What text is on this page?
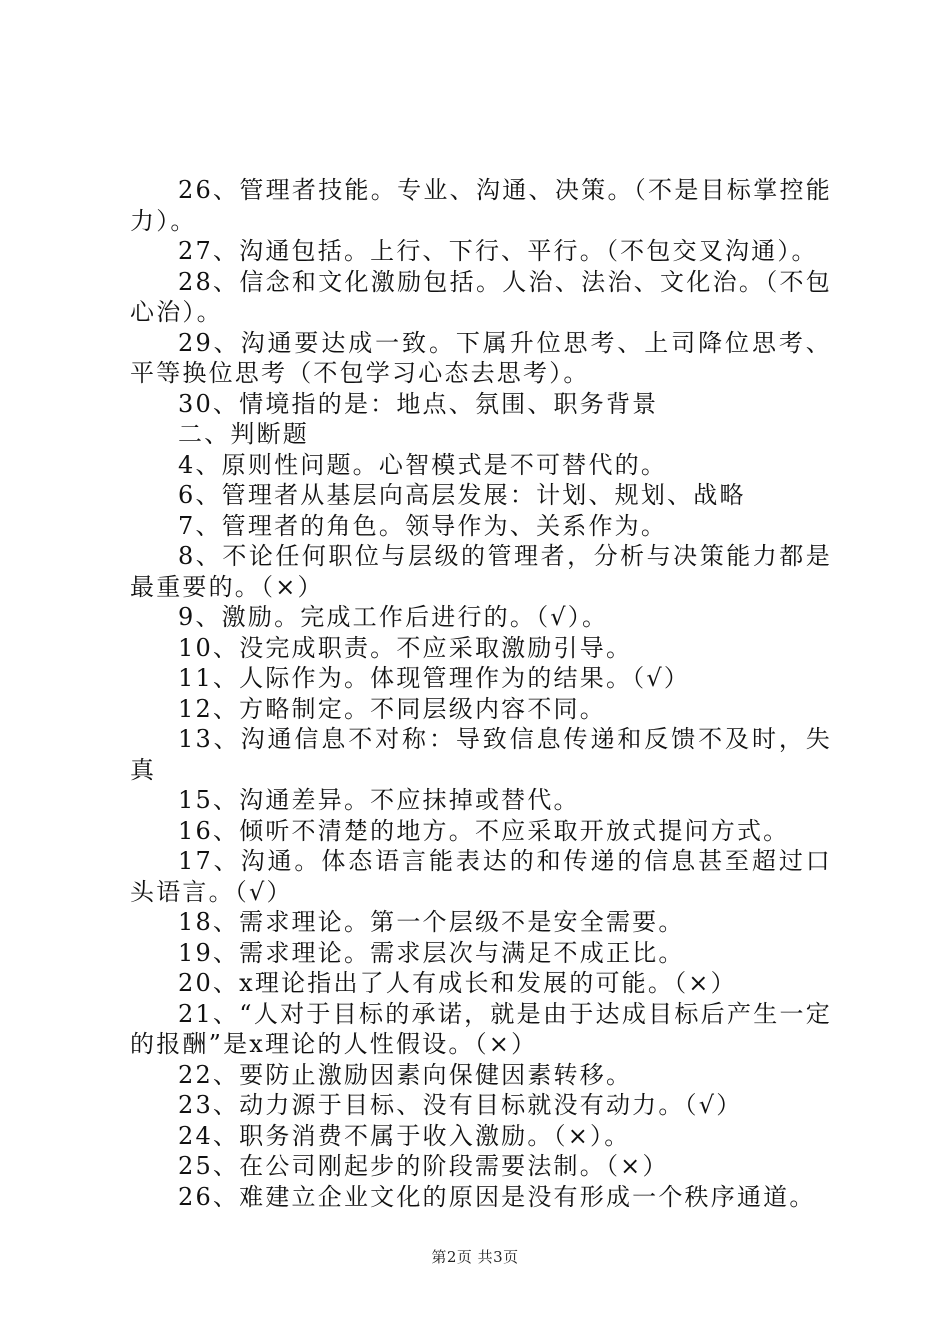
26、管理者技能。专业、沟通、决策。（不是目标掌控能力）。

27、沟通包括。上行、下行、平行。（不包交叉沟通）。

28、信念和文化激励包括。人治、法治、文化治。（不包心治）。

29、沟通要达成一致。下属升位思考、上司降位思考、平等换位思考（不包学习心态去思考）。

30、情境指的是：地点、氛围、职务背景

二、判断题

4、原则性问题。心智模式是不可替代的。

6、管理者从基层向高层发展：计划、规划、战略

7、管理者的角色。领导作为、关系作为。

8、不论任何职位与层级的管理者，分析与决策能力都是最重要的。（×）

9、激励。完成工作后进行的。（√）。

10、没完成职责。不应采取激励引导。

11、人际作为。体现管理作为的结果。（√）

12、方略制定。不同层级内容不同。

13、沟通信息不对称：导致信息传递和反馈不及时，失真

15、沟通差异。不应抹掉或替代。

16、倾听不清楚的地方。不应采取开放式提问方式。

17、沟通。体态语言能表达的和传递的信息甚至超过口头语言。（√）

18、需求理论。第一个层级不是安全需要。

19、需求理论。需求层次与满足不成正比。

20、x理论指出了人有成长和发展的可能。（×）

21、“人对于目标的承诺，就是由于达成目标后产生一定的报酬”是x理论的人性假设。（×）

22、要防止激励因素向保健因素转移。

23、动力源于目标、没有目标就没有动力。（√）

24、职务消费不属于收入激励。（×）。

25、在公司刚起步的阶段需要法制。（×）

26、难建立企业文化的原因是没有形成一个秩序通道。

第2页 共3页
